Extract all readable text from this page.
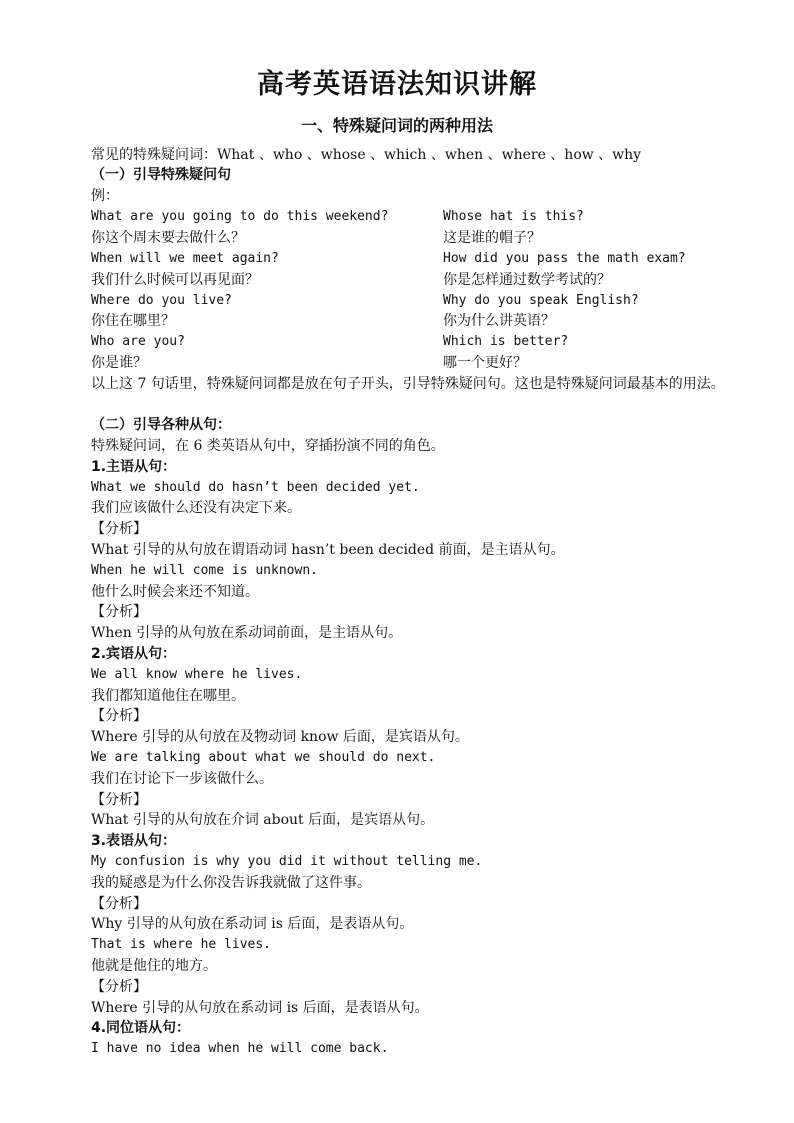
高考英语语法知识讲解
一、特殊疑问词的两种用法
常见的特殊疑问词：What 、who 、whose 、which 、when 、where 、how 、why
（一）引导特殊疑问句
例：
What are you going to do this weekend?
你这个周末要去做什么？
When will we meet again?
我们什么时候可以再见面？
Where do you live?
你住在哪里？
Who are you?
你是谁？
Whose hat is this?
这是谁的帽子？
How did you pass the math exam?
你是怎样通过数学考试的？
Why do you speak English?
你为什么讲英语？
Which is better?
哪一个更好？
以上这 7 句话里，特殊疑问词都是放在句子开头，引导特殊疑问句。这也是特殊疑问词最基本的用法。
（二）引导各种从句：
特殊疑问词，在 6 类英语从句中，穿插扮演不同的角色。
1.主语从句：
What we should do hasn’t been decided yet.
我们应该做什么还没有决定下来。
【分析】
What 引导的从句放在谓语动词 hasn’t been decided 前面，是主语从句。
When he will come is unknown.
他什么时候会来还不知道。
【分析】
When 引导的从句放在系动词前面，是主语从句。
2.宾语从句：
We all know where he lives.
我们都知道他住在哪里。
【分析】
Where 引导的从句放在及物动词 know 后面，是宾语从句。
We are talking about what we should do next.
我们在讨论下一步该做什么。
【分析】
What 引导的从句放在介词 about 后面，是宾语从句。
3.表语从句：
My confusion is why you did it without telling me.
我的疑惑是为什么你没告诉我就做了这件事。
【分析】
Why 引导的从句放在系动词 is 后面，是表语从句。
That is where he lives.
他就是他住的地方。
【分析】
Where 引导的从句放在系动词 is 后面，是表语从句。
4.同位语从句：
I have no idea when he will come back.
